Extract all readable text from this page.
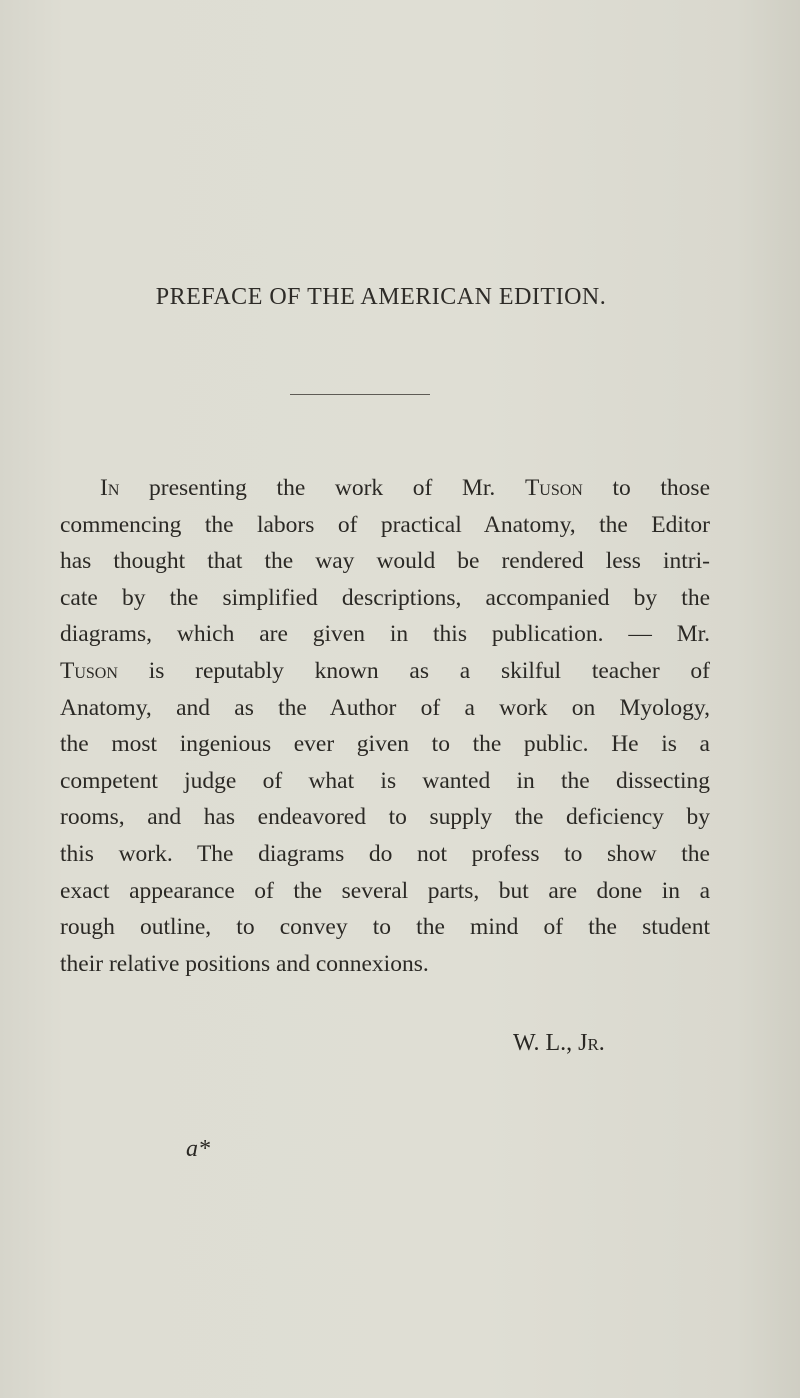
PREFACE OF THE AMERICAN EDITION.
In presenting the work of Mr. Tuson to those
commencing the labors of practical Anatomy, the Editor
has thought that the way would be rendered less intri-
cate by the simplified descriptions, accompanied by the
diagrams, which are given in this publication. — Mr.
Tuson is reputably known as a skilful teacher of
Anatomy, and as the Author of a work on Myology,
the most ingenious ever given to the public. He is a
competent judge of what is wanted in the dissecting
rooms, and has endeavored to supply the deficiency by
this work. The diagrams do not profess to show the
exact appearance of the several parts, but are done in a
rough outline, to convey to the mind of the student
their relative positions and connexions.
W. L., Jr.
a*
